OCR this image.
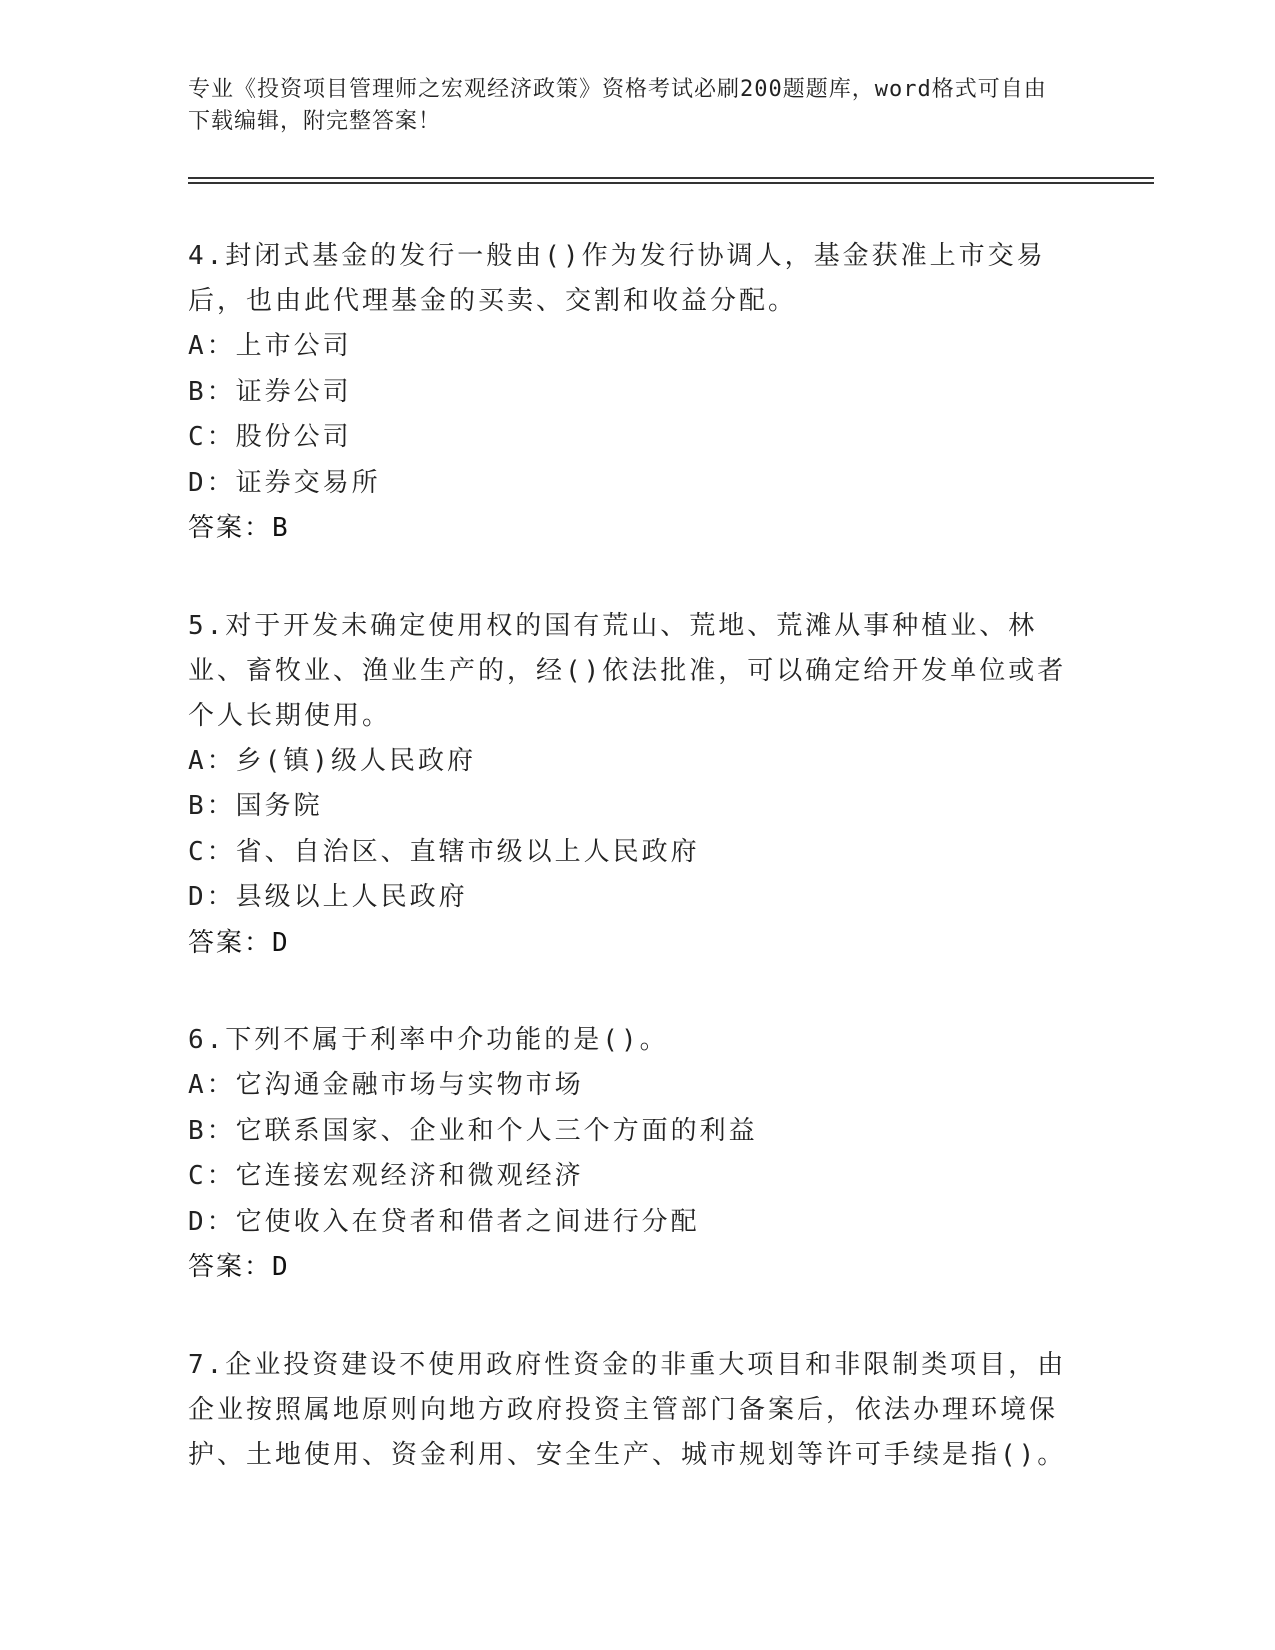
专业《投资项目管理师之宏观经济政策》资格考试必刷200题题库，word格式可自由下载编辑，附完整答案！

4.封闭式基金的发行一般由()作为发行协调人，基金获准上市交易后，也由此代理基金的买卖、交割和收益分配。

A：上市公司

B：证券公司

C：股份公司

D：证券交易所

答案：B

5.对于开发未确定使用权的国有荒山、荒地、荒滩从事种植业、林业、畜牧业、渔业生产的，经()依法批准，可以确定给开发单位或者个人长期使用。

A：乡(镇)级人民政府

B：国务院

C：省、自治区、直辖市级以上人民政府

D：县级以上人民政府

答案：D

6.下列不属于利率中介功能的是()。

A：它沟通金融市场与实物市场

B：它联系国家、企业和个人三个方面的利益

C：它连接宏观经济和微观经济

D：它使收入在贷者和借者之间进行分配

答案：D

7.企业投资建设不使用政府性资金的非重大项目和非限制类项目，由企业按照属地原则向地方政府投资主管部门备案后，依法办理环境保护、土地使用、资金利用、安全生产、城市规划等许可手续是指()。
